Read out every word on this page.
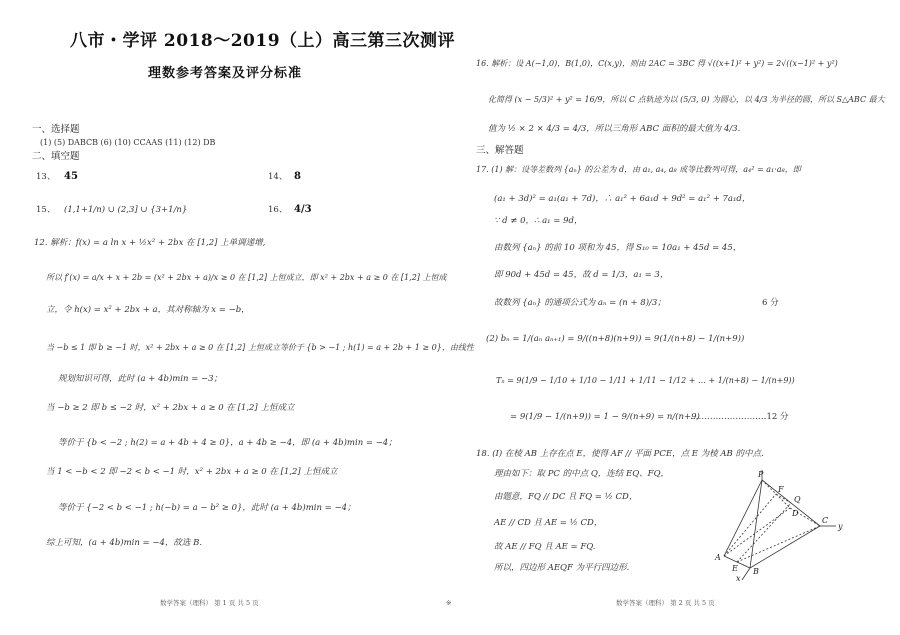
八市・学评 2018～2019（上）高三第三次测评
理数参考答案及评分标准
一、选择题
(1) (5) DABCB (6) (10) CCAAS (11) (12) DB
二、填空题
13、 45	14、 8
15、 (1,1+1/n) ∪ (2,3] ∪ {3+1/n}	16、 4/3
12. 解析：f(x) = a ln x + ½x² + 2bx 在 [1,2] 上单调递增,
所以 f′(x) = a/x + x + 2b = (x² + 2bx + a)/x ≥ 0 在 [1,2] 上恒成立，即 x² + 2bx + a ≥ 0 在 [1,2] 上恒成
立，令 h(x) = x² + 2bx + a，其对称轴为 x = −b，
当 −b ≤ 1 即 b ≥ −1 时，x² + 2bx + a ≥ 0 在 [1,2] 上恒成立等价于 {b > −1 ; h(1) = a + 2b + 1 ≥ 0}，由线性
规划知识可得，此时 (a + 4b)min = −3；
当 −b ≥ 2 即 b ≤ −2 时，x² + 2bx + a ≥ 0 在 [1,2] 上恒成立
等价于 {b < −2 ; h(2) = a + 4b + 4 ≥ 0}，a + 4b ≥ −4，即 (a + 4b)min = −4；
当 1 < −b < 2 即 −2 < b < −1 时，x² + 2bx + a ≥ 0 在 [1,2] 上恒成立
等价于 {−2 < b < −1 ; h(−b) = a − b² ≥ 0}，此时 (a + 4b)min = −4；
综上可知，(a + 4b)min = −4，故选 B.
数学答案（理科） 第 1 页 共 5 页	※
16. 解析：设 A(−1,0)，B(1,0)，C(x,y)，则由 2AC = 3BC 得 √((x+1)² + y²) = 2√((x−1)² + y²)
化简得 (x − 5/3)² + y² = 16/9，所以 C 点轨迹为以 (5/3, 0) 为圆心，以 4/3 为半径的圆，所以 S△ABC 最大
值为 ½ × 2 × 4/3 = 4/3，所以三角形 ABC 面积的最大值为 4/3.
三、解答题
17. (1) 解：设等差数列 {aₙ} 的公差为 d，由 a₁, a₄, a₈ 成等比数列可得，a₄² = a₁·a₈，即
(a₁ + 3d)² = a₁(a₁ + 7d)，∴ a₁² + 6a₁d + 9d² = a₁² + 7a₁d，
∵ d ≠ 0，∴ a₁ = 9d，
由数列 {aₙ} 的前 10 项和为 45，得 S₁₀ = 10a₁ + 45d = 45，
即 90d + 45d = 45，故 d = 1/3，a₁ = 3，
故数列 {aₙ} 的通项公式为 aₙ = (n + 8)/3；	6 分
(2) bₙ = 1/(aₙ aₙ₊₁) = 9/((n+8)(n+9)) = 9(1/(n+8) − 1/(n+9))
Tₙ = 9(1/9 − 1/10 + 1/10 − 1/11 + 1/11 − 1/12 + … + 1/(n+8) − 1/(n+9))
= 9(1/9 − 1/(n+9)) = 1 − 9/(n+9) = n/(n+9)
………………………12 分
18. (I) 在棱 AB 上存在点 E，使得 AF // 平面 PCE，点 E 为棱 AB 的中点.
理由如下：取 PC 的中点 Q，连结 EQ、FQ，
由题意，FQ // DC 且 FQ = ½ CD，
AE // CD 且 AE = ½ CD，
故 AE // FQ 且 AE = FQ.
所以，四边形 AEQF 为平行四边形.
P
F
Q
D
C
y
A
E B
x
数学答案（理科） 第 2 页 共 5 页
